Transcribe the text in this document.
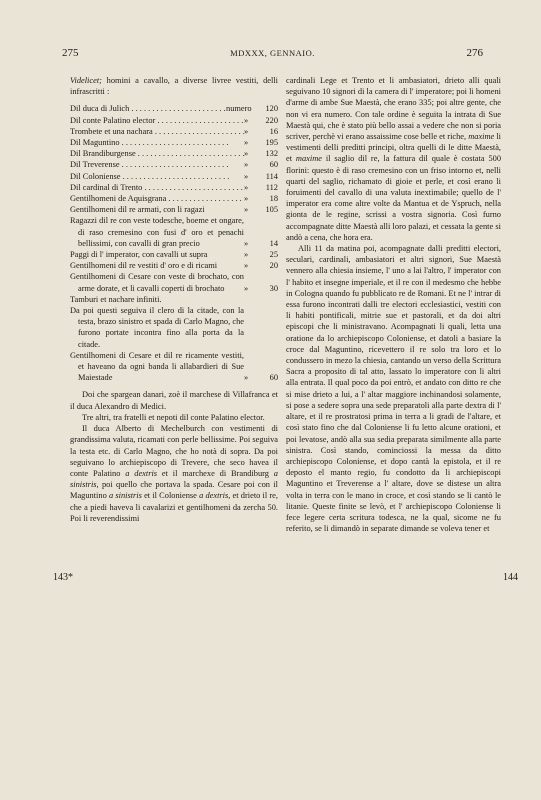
275	MDXXX, GENNAIO.	276
143*	144

Videlicet; homini a cavallo, a diverse livree vestiti, delli infrascritti :

Dil duca di Julich . . .	numero	120
Dil conte Palatino elector . . .	»	220
Trombete et una nachara . . .	»	16
Dil Maguntino . . .	»	195
Dil Brandiburgense . . .	»	132
Dil Treverense . . .	»	60
Dil Coloniense . . .	»	114
Dil cardinal di Trento . . .	»	112
Gentilhomeni de Aquisgrana . . .	»	18
Gentilhomeni dil re armati, con li ragazi	»	105
Ragazzi dil re con veste todesche, boeme et ongare, di raso cremesino con fusi d' oro et penachi bellissimi, con cavalli di gran precio	»	14
Paggi di l' imperator, con cavalli ut supra	»	25
Gentilhomeni dil re vestiti d' oro e di ricami	»	20
Gentilhomeni di Cesare con veste di brochato, con arme dorate, et li cavalli coperti di brochato	»	30
Tamburi et nachare infiniti.
Da poi questi seguiva il clero di la citade, con la testa, brazo sinistro et spada di Carlo Magno, che furono portate incontra fino alla porta da la citade.
Gentilhomeni di Cesare et dil re ricamente vestiti, et haveano da ogni banda li allabardieri di Sue Maiestade	»	60

Doi che spargean danari, zoè il marchese di Villafranca et il duca Alexandro di Medici.

Tre altri, tra fratelli et nepoti dil conte Palatino elector.

Il duca Alberto di Mechelburch con vestimenti di grandissima valuta, ricamati con perle bellissime. Poi seguiva la testa etc. di Carlo Magno, che ho notà di sopra. Da poi seguivano lo archiepiscopo di Trevere, che seco havea il conte Palatino a dextris et il marchexe di Brandiburg a sinistris, poi quello che portava la spada. Cesare poi con il Maguntino a sinistris et il Coloniense a dextris, et drieto il re, che a piedi haveva li cavalarizi et gentilhomeni da zercha 50. Poi li reverendissimi

cardinali Lege et Trento et li ambasiatori, drieto alli quali seguivano 10 signori di la camera di l' imperatore; poi li homeni d'arme di ambe Sue Maestà, che erano 335; poi altre gente, che non vi era numero. Con tale ordine è seguita la intrata di Sue Maestà qui, che è stato più bello assai a vedere che non si poria scriver, perchè vi erano assaissime cose belle et riche, maxime li vestimenti delli preditti principi, oltra quelli di le ditte Maestà, et maxime il saglio dil re, la fattura dil quale è costata 500 florini: questo è di raso cremesino con un friso intorno et, nelli quarti del saglio, richamato di gioie et perle, et così erano li foruimenti del cavallo di una valuta inextimabile; quello de l' imperator era come altre volte da Mantua et de Yspruch, nella gionta de le regine, scrissi a vostra signoria. Così furno accompagnate ditte Maestà alli loro palazi, et cessata la gente si andò a cena, che hora era.

Alli 11 da matina poi, acompagnate dalli preditti electori, seculari, cardinali, ambasiatori et altri signori, Sue Maestà vennero alla chiesia insieme, l' uno a lai l'altro, l' imperator con l' habito et insegne imperiale, et il re con il medesmo che hebbe in Colognа quando fu pubblicato re de Romani. Et ne l' intrar di essa furono incontrati dalli tre electori ecclesiastici, vestiti con li habiti pontificali, mitrie sue et pastorali, et da doi altri episcopi che li ministravano. Acompagnati li quali, letta una oratione da lo archiepiscopo Coloniense, et datoli a basiare la croce dal Maguntino, ricevettero il re solo tra loro et lo condussero in mezo la chiesia, cantando un verso della Scrittura Sacra a proposito di tal atto, lassato lo imperatore con li altri alla entrata. Il qual poco da poi entrò, et andato con ditto re che si mise drieto a lui, a l' altar maggiore inchinandosi solamente, si pose a sedere sopra una sede preparatoli alla parte dextra di l' altare, et il re prostratosi prima in terra a li gradi de l'altare, et così stato fino che dal Coloniense li fu letto alcune orationi, et poi levatose, andò alla sua sedia preparata similmente alla parte sinistra. Così stando, cominciossi la messa da ditto archiepiscopo Coloniense, et dopo cantà la epistola, et il re deposto el manto regio, fu condotto da li archiepiscopi Maguntino et Treverense a l' altare, dove se distese un altra volta in terra con le mano in croce, et così stando se li cantò le litanie. Queste finite se levò, et l' archiepiscopo Coloniense li fece legere certa scritura todesca, ne la qual, sicome ne fu referito, se li dimandò in separate dimande se voleva tener et
